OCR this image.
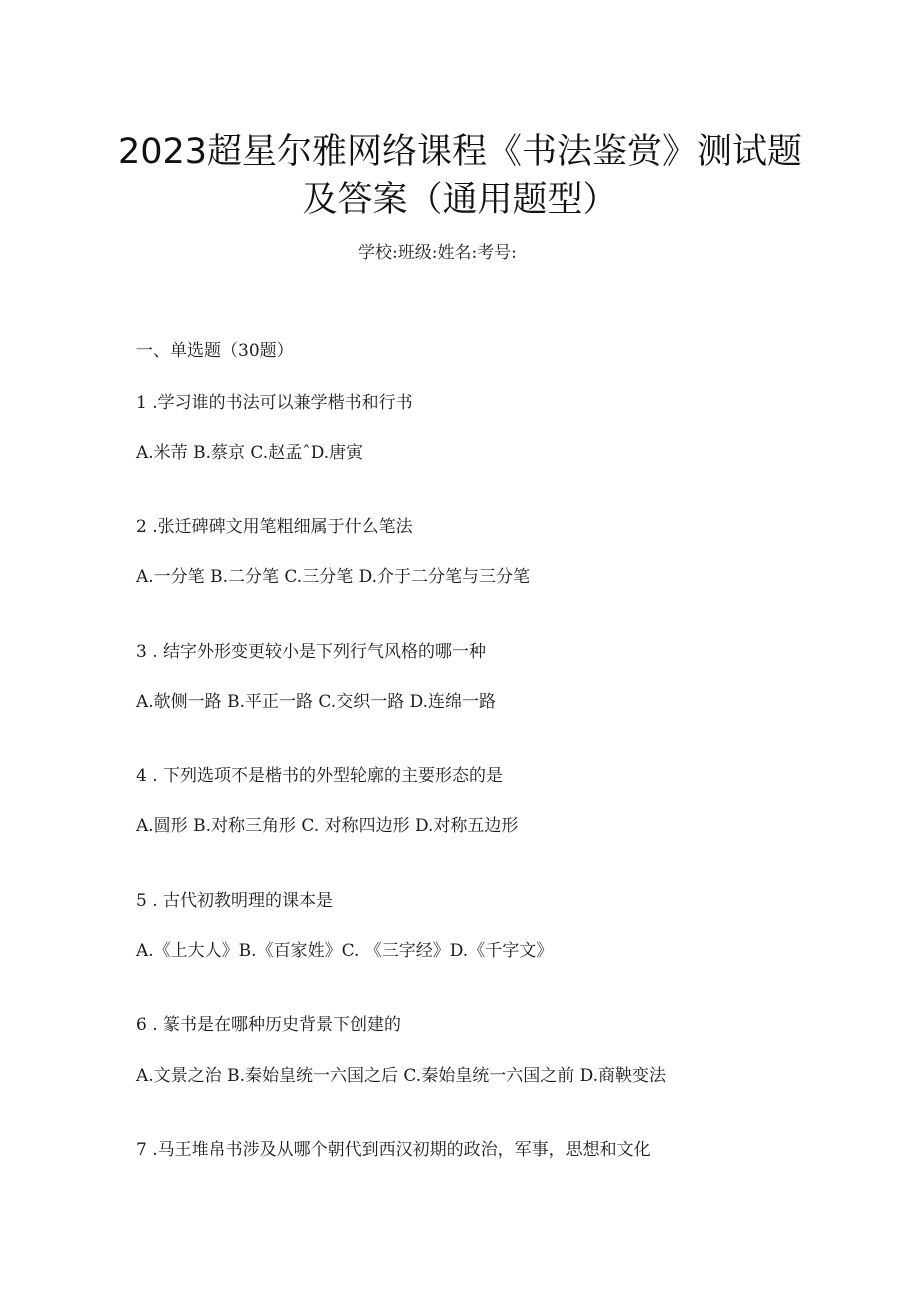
2023超星尔雅网络课程《书法鉴赏》测试题
及答案（通用题型）
学校:班级:姓名:考号:
一、单选题（30题）
1 .学习谁的书法可以兼学楷书和行书
A.米芾 B.蔡京 C.赵孟ˆD.唐寅
2 .张迁碑碑文用笔粗细属于什么笔法
A.一分笔 B.二分笔 C.三分笔 D.介于二分笔与三分笔
3 . 结字外形变更较小是下列行气风格的哪一种
A.欹侧一路 B.平正一路 C.交织一路 D.连绵一路
4 . 下列选项不是楷书的外型轮廓的主要形态的是
A.圆形 B.对称三角形 C. 对称四边形 D.对称五边形
5 . 古代初教明理的课本是
A.《上大人》B.《百家姓》C. 《三字经》D.《千字文》
6 . 篆书是在哪种历史背景下创建的
A.文景之治 B.秦始皇统一六国之后 C.秦始皇统一六国之前 D.商鞅变法
7 .马王堆帛书涉及从哪个朝代到西汉初期的政治，军事，思想和文化
